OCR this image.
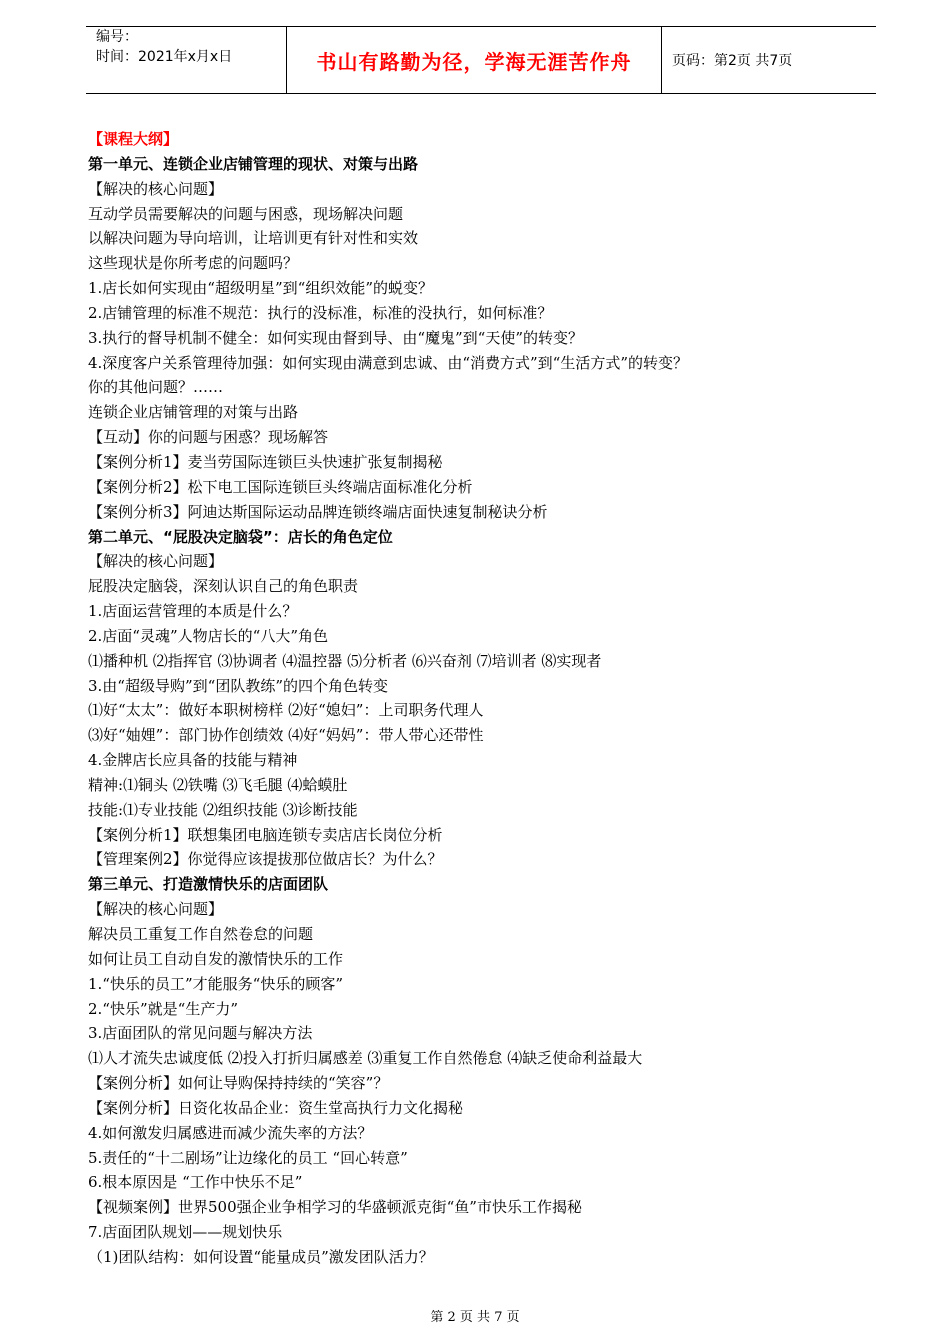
编号：
时间：2021年x月x日	书山有路勤为径，学海无涯苦作舟	页码：第2页 共7页
【课程大纲】
第一单元、连锁企业店铺管理的现状、对策与出路
【解决的核心问题】
互动学员需要解决的问题与困惑，现场解决问题
以解决问题为导向培训，让培训更有针对性和实效
这些现状是你所考虑的问题吗？
1.店长如何实现由“超级明星”到“组织效能”的蜕变？
2.店铺管理的标准不规范：执行的没标准，标准的没执行，如何标准？
3.执行的督导机制不健全：如何实现由督到导、由“魔鬼”到“天使”的转变？
4.深度客户关系管理待加强：如何实现由满意到忠诚、由“消费方式”到“生活方式”的转变？
你的其他问题？……
连锁企业店铺管理的对策与出路
【互动】你的问题与困惑？现场解答
【案例分析1】麦当劳国际连锁巨头快速扩张复制揭秘
【案例分析2】松下电工国际连锁巨头终端店面标准化分析
【案例分析3】阿迪达斯国际运动品牌连锁终端店面快速复制秘诀分析
第二单元、“屁股决定脑袋”：店长的角色定位
【解决的核心问题】
屁股决定脑袋，深刻认识自己的角色职责
1.店面运营管理的本质是什么？
2.店面“灵魂”人物店长的“八大”角色
⑴播种机 ⑵指挥官 ⑶协调者 ⑷温控器 ⑸分析者 ⑹兴奋剂 ⑺培训者 ⑻实现者
3.由“超级导购”到“团队教练”的四个角色转变
⑴好“太太”：做好本职树榜样 ⑵好“媳妇”：上司职务代理人
⑶好“妯娌”：部门协作创绩效 ⑷好“妈妈”：带人带心还带性
4.金牌店长应具备的技能与精神
精神:⑴铜头 ⑵铁嘴 ⑶飞毛腿 ⑷蛤蟆肚
技能:⑴专业技能 ⑵组织技能 ⑶诊断技能
【案例分析1】联想集团电脑连锁专卖店店长岗位分析
【管理案例2】你觉得应该提拔那位做店长？为什么？
第三单元、打造激情快乐的店面团队
【解决的核心问题】
解决员工重复工作自然卷怠的问题
如何让员工自动自发的激情快乐的工作
1.“快乐的员工”才能服务“快乐的顾客”
2.“快乐”就是“生产力”
3.店面团队的常见问题与解决方法
⑴人才流失忠诚度低 ⑵投入打折归属感差 ⑶重复工作自然倦怠 ⑷缺乏使命利益最大
【案例分析】如何让导购保持持续的“笑容”？
【案例分析】日资化妆品企业：资生堂高执行力文化揭秘
4.如何激发归属感进而减少流失率的方法？
5.责任的“十二剧场”让边缘化的员工 “回心转意”
6.根本原因是 “工作中快乐不足”
【视频案例】世界500强企业争相学习的华盛顿派克街“鱼”市快乐工作揭秘
7.店面团队规划——规划快乐
（1)团队结构：如何设置“能量成员”激发团队活力？
第 2 页 共 7 页
